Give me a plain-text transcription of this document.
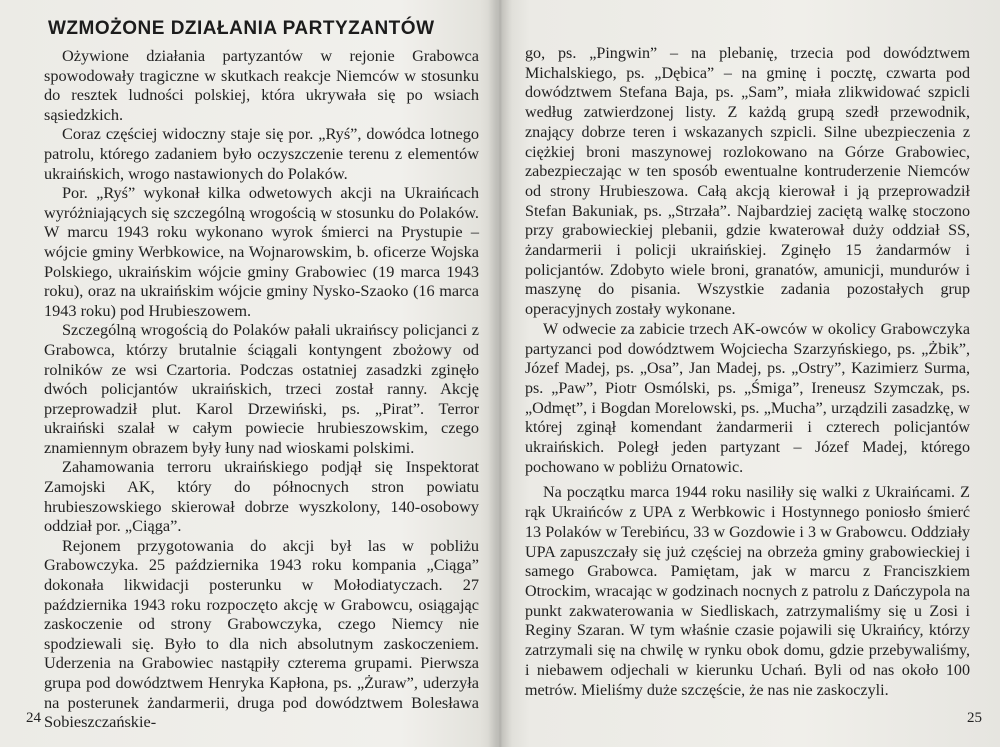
WZMOŻONE DZIAŁANIA PARTYZANTÓW

Ożywione działania partyzantów w rejonie Grabowca spowodowały tragiczne w skutkach reakcje Niemców w stosunku do resztek ludności polskiej, która ukrywała się po wsiach sąsiedzkich.

Coraz częściej widoczny staje się por. „Ryś”, dowódca lotnego patrolu, którego zadaniem było oczyszczenie terenu z elementów ukraińskich, wrogo nastawionych do Polaków.

Por. „Ryś” wykonał kilka odwetowych akcji na Ukraińcach wyróżniających się szczególną wrogością w stosunku do Polaków. W marcu 1943 roku wykonano wyrok śmierci na Prystupie – wójcie gminy Werbkowice, na Wojnarowskim, b. oficerze Wojska Polskiego, ukraińskim wójcie gminy Grabowiec (19 marca 1943 roku), oraz na ukraińskim wójcie gminy Nysko-Szaoko (16 marca 1943 roku) pod Hrubieszowem.

Szczególną wrogością do Polaków pałali ukraińscy policjanci z Grabowca, którzy brutalnie ściągali kontyngent zbożowy od rolników ze wsi Czartoria. Podczas ostatniej zasadzki zginęło dwóch policjantów ukraińskich, trzeci został ranny. Akcję przeprowadził plut. Karol Drzewiński, ps. „Pirat”. Terror ukraiński szalał w całym powiecie hrubieszowskim, czego znamiennym obrazem były łuny nad wioskami polskimi.

Zahamowania terroru ukraińskiego podjął się Inspektorat Zamojski AK, który do północnych stron powiatu hrubieszowskiego skierował dobrze wyszkolony, 140-osobowy oddział por. „Ciąga”.

Rejonem przygotowania do akcji był las w pobliżu Grabowczyka. 25 października 1943 roku kompania „Ciąga” dokonała likwidacji posterunku w Mołodiatyczach. 27 października 1943 roku rozpoczęto akcję w Grabowcu, osiągając zaskoczenie od strony Grabowczyka, czego Niemcy nie spodziewali się. Było to dla nich absolutnym zaskoczeniem. Uderzenia na Grabowiec nastąpiły czterema grupami. Pierwsza grupa pod dowództwem Henryka Kapłona, ps. „Żuraw”, uderzyła na posterunek żandarmerii, druga pod dowództwem Bolesława Sobieszczańskie-

24

go, ps. „Pingwin” – na plebanię, trzecia pod dowództwem Michalskiego, ps. „Dębica” – na gminę i pocztę, czwarta pod dowództwem Stefana Baja, ps. „Sam”, miała zlikwidować szpicli według zatwierdzonej listy. Z każdą grupą szedł przewodnik, znający dobrze teren i wskazanych szpicli. Silne ubezpieczenia z ciężkiej broni maszynowej rozlokowano na Górze Grabowiec, zabezpieczając w ten sposób ewentualne kontruderzenie Niemców od strony Hrubieszowa. Całą akcją kierował i ją przeprowadził Stefan Bakuniak, ps. „Strzała”. Najbardziej zaciętą walkę stoczono przy grabowieckiej plebanii, gdzie kwaterował duży oddział SS, żandarmerii i policji ukraińskiej. Zginęło 15 żandarmów i policjantów. Zdobyto wiele broni, granatów, amunicji, mundurów i maszynę do pisania. Wszystkie zadania pozostałych grup operacyjnych zostały wykonane.

W odwecie za zabicie trzech AK-owców w okolicy Grabowczyka partyzanci pod dowództwem Wojciecha Szarzyńskiego, ps. „Żbik”, Józef Madej, ps. „Osa”, Jan Madej, ps. „Ostry”, Kazimierz Surma, ps. „Paw”, Piotr Osmólski, ps. „Śmiga”, Ireneusz Szymczak, ps. „Odmęt”, i Bogdan Morelowski, ps. „Mucha”, urządzili zasadzkę, w której zginął komendant żandarmerii i czterech policjantów ukraińskich. Poległ jeden partyzant – Józef Madej, którego pochowano w pobliżu Ornatowic.

Na początku marca 1944 roku nasiliły się walki z Ukraińcami. Z rąk Ukraińców z UPA z Werbkowic i Hostynnego poniosło śmierć 13 Polaków w Terebińcu, 33 w Gozdowie i 3 w Grabowcu. Oddziały UPA zapuszczały się już częściej na obrzeża gminy grabowieckiej i samego Grabowca. Pamiętam, jak w marcu z Franciszkiem Otrockim, wracając w godzinach nocnych z patrolu z Dańczypola na punkt zakwaterowania w Siedliskach, zatrzymaliśmy się u Zosi i Reginy Szaran. W tym właśnie czasie pojawili się Ukraińcy, którzy zatrzymali się na chwilę w rynku obok domu, gdzie przebywaliśmy, i niebawem odjechali w kierunku Uchań. Byli od nas około 100 metrów. Mieliśmy duże szczęście, że nas nie zaskoczyli.

25
